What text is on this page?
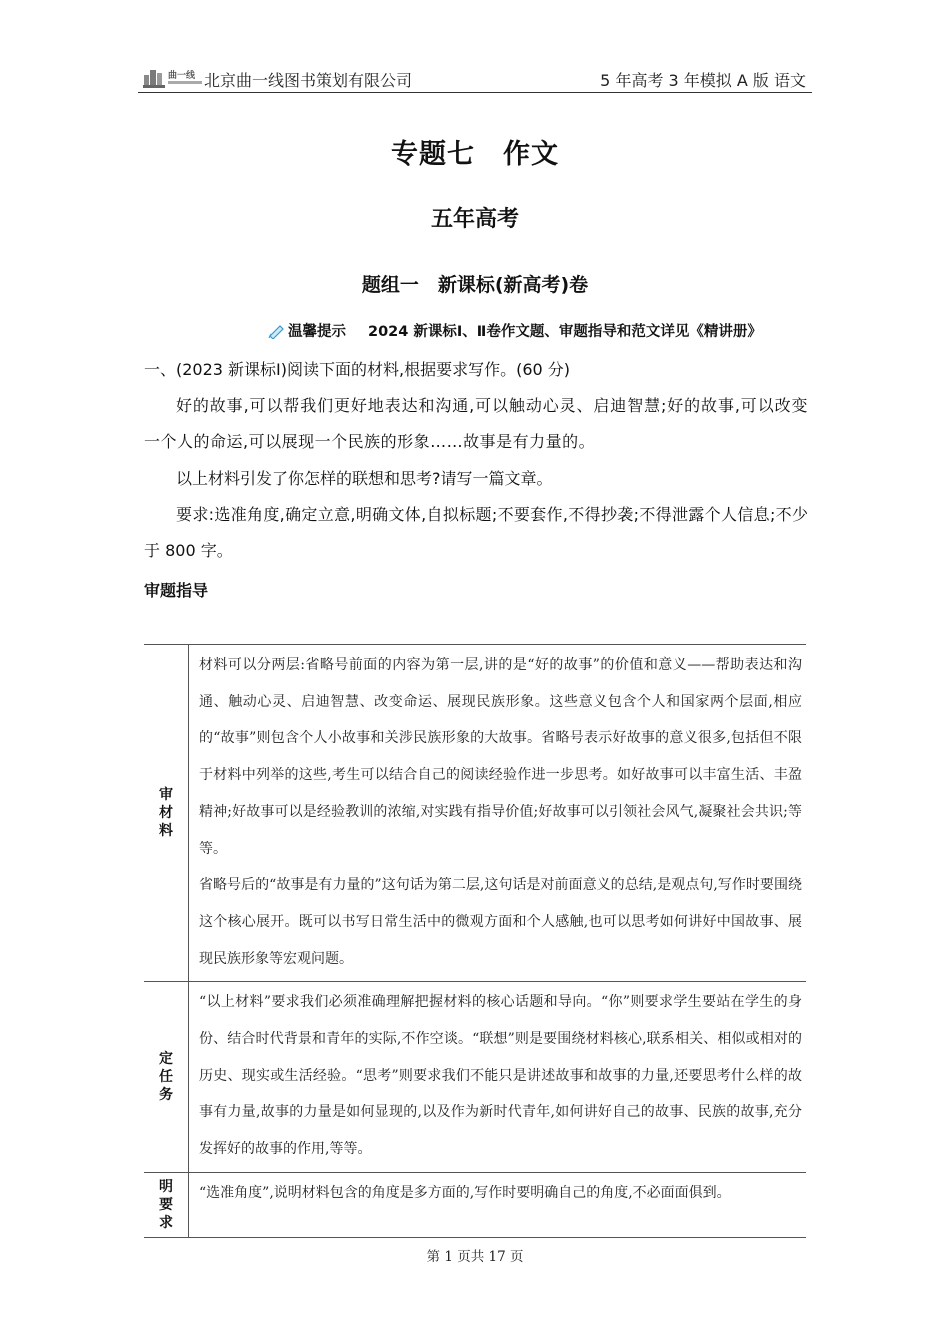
曲一线 北京曲一线图书策划有限公司	5 年高考 3 年模拟 A 版 语文
专题七　作文
五年高考
题组一　新课标(新高考)卷
温馨提示 2024 新课标Ⅰ、Ⅱ卷作文题、审题指导和范文详见《精讲册》
一、(2023 新课标Ⅰ)阅读下面的材料,根据要求写作。(60 分)
好的故事,可以帮我们更好地表达和沟通,可以触动心灵、启迪智慧;好的故事,可以改变一个人的命运,可以展现一个民族的形象……故事是有力量的。
以上材料引发了你怎样的联想和思考?请写一篇文章。
要求:选准角度,确定立意,明确文体,自拟标题;不要套作,不得抄袭;不得泄露个人信息;不少于 800 字。
审题指导
审材料	材料可以分两层:省略号前面的内容为第一层,讲的是“好的故事”的价值和意义——帮助表达和沟通、触动心灵、启迪智慧、改变命运、展现民族形象。这些意义包含个人和国家两个层面,相应的“故事”则包含个人小故事和关涉民族形象的大故事。省略号表示好故事的意义很多,包括但不限于材料中列举的这些,考生可以结合自己的阅读经验作进一步思考。如好故事可以丰富生活、丰盈精神;好故事可以是经验教训的浓缩,对实践有指导价值;好故事可以引领社会风气,凝聚社会共识;等等。
省略号后的“故事是有力量的”这句话为第二层,这句话是对前面意义的总结,是观点句,写作时要围绕这个核心展开。既可以书写日常生活中的微观方面和个人感触,也可以思考如何讲好中国故事、展现民族形象等宏观问题。

定任务	“以上材料”要求我们必须准确理解把握材料的核心话题和导向。“你”则要求学生要站在学生的身份、结合时代背景和青年的实际,不作空谈。“联想”则是要围绕材料核心,联系相关、相似或相对的历史、现实或生活经验。“思考”则要求我们不能只是讲述故事和故事的力量,还要思考什么样的故事有力量,故事的力量是如何显现的,以及作为新时代青年,如何讲好自己的故事、民族的故事,充分发挥好的故事的作用,等等。

明要求	“选准角度”,说明材料包含的角度是多方面的,写作时要明确自己的角度,不必面面俱到。
第 1 页共 17 页
